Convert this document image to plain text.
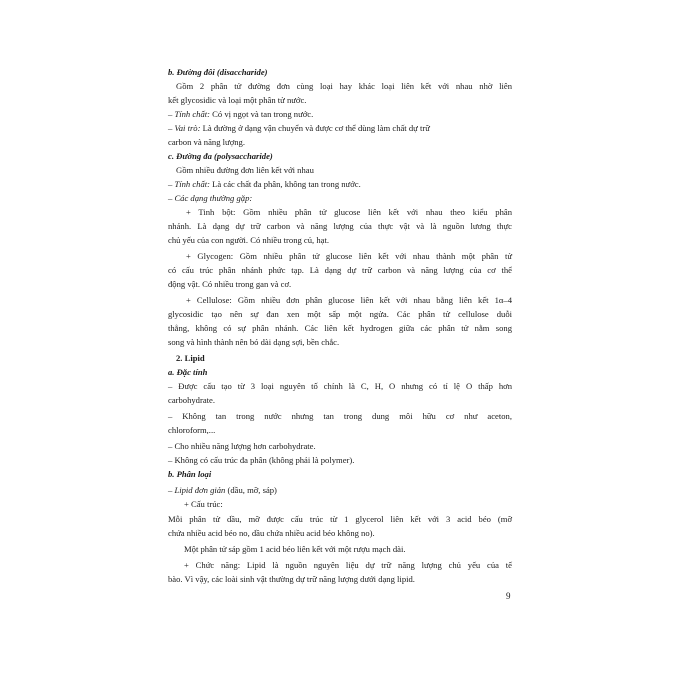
b. Đường đôi (disaccharide)

Gồm 2 phân tử đường đơn cùng loại hay khác loại liên kết với nhau nhờ liên

kết glycosidic và loại một phân tử nước.

– Tính chất: Có vị ngọt và tan trong nước.

– Vai trò: Là đường ở dạng vận chuyển và được cơ thể dùng làm chất dự trữ

carbon và năng lượng.

c. Đường đa (polysaccharide)

Gồm nhiều đường đơn liên kết với nhau

– Tính chất: Là các chất đa phân, không tan trong nước.

– Các dạng thường gặp:

+ Tinh bột: Gồm nhiều phân tử glucose liên kết với nhau theo kiểu phân

nhánh. Là dạng dự trữ carbon và năng lượng của thực vật và là nguồn lương thực

chủ yếu của con người. Có nhiều trong củ, hạt.

+ Glycogen: Gồm nhiều phân tử glucose liên kết với nhau thành một phân tử

có cấu trúc phân nhánh phức tạp. Là dạng dự trữ carbon và năng lượng của cơ thể

động vật. Có nhiều trong gan và cơ.

+ Cellulose: Gồm nhiều đơn phân glucose liên kết với nhau bằng liên kết 1α–4

glycosidic tạo nên sự đan xen một sấp một ngửa. Các phân tử cellulose duỗi

thẳng, không có sự phân nhánh. Các liên kết hydrogen giữa các phân tử nằm song

song và hình thành nên bó dài dạng sợi, bền chắc.

2. Lipid

a. Đặc tính

– Được cấu tạo từ 3 loại nguyên tố chính là C, H, O nhưng có tỉ lệ O thấp hơn

carbohydrate.

– Không tan trong nước nhưng tan trong dung môi hữu cơ như aceton,

chloroform,...

– Cho nhiều năng lượng hơn carbohydrate.

– Không có cấu trúc đa phân (không phải là polymer).

b. Phân loại

– Lipid đơn giản (dầu, mỡ, sáp)

+ Cấu trúc:

Mỗi phân tử dầu, mỡ được cấu trúc từ 1 glycerol liên kết với 3 acid béo (mỡ

chứa nhiều acid béo no, dầu chứa nhiều acid béo không no).

Một phân tử sáp gồm 1 acid béo liên kết với một rượu mạch dài.

+ Chức năng: Lipid là nguồn nguyên liệu dự trữ năng lượng chủ yếu của tế

bào. Vì vậy, các loài sinh vật thường dự trữ năng lượng dưới dạng lipid.

9
